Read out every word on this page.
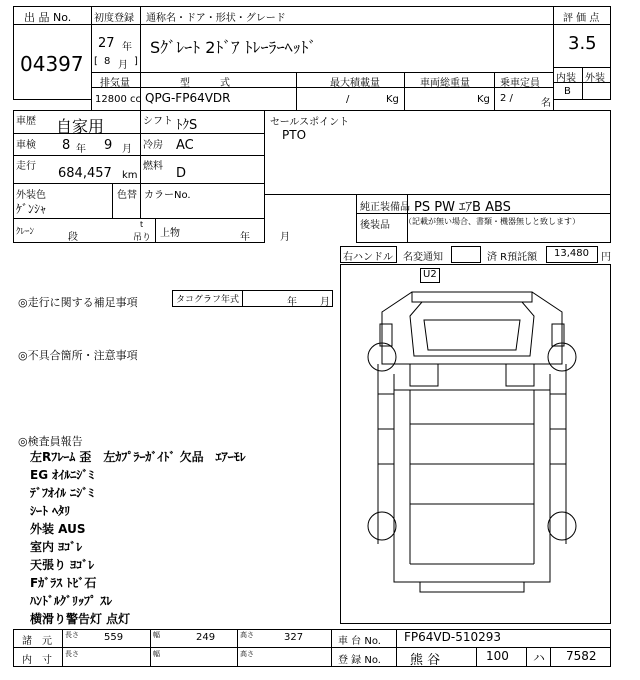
出 品 No.
04397
初度登録 通称名・ドア・形状・グレード
27 年
[ 8 月 ]
Sｸﾞﾚｰﾄ 2ﾄﾞｱ ﾄﾚｰﾗｰﾍｯﾄﾞ
評 価 点
3.5
内装 外装
B
排気量	型　　　式	最大積載量	車両総重量	乗車定員
12800 cc QPG-FP64VDR	/	Kg	Kg 2 /	名
車歴 自家用	シフト ﾄｸS
車検 8 年 9 月 冷房 AC
走行 684,457 km
燃料 D
外装色
ｹﾞﾝｼｬ
色替 カラーNo.
ｸﾚｰﾝ	段
t
吊り 上物	年	月
セールスポイント
PTO
純正装備品 PS PW ｴｱB ABS
後装品 （記載が無い場合、書類・機器無しと致します）
右ハンドル 名変通知	済 R預託額 13,480 円
◎走行に関する補足事項	タコグラフ年式	年 月
◎不具合箇所・注意事項
◎検査員報告
左Rﾌﾚｰﾑ 歪　左ｶﾌﾟﾗｰｶﾞｲﾄﾞ 欠品　ｴｱｰﾓﾚ
EG ｵｲﾙﾆｼﾞﾐ
ﾃﾞﾌｵｲﾙ ﾆｼﾞﾐ
ｼｰﾄ ﾍﾀﾘ
外装 AUS
室内 ﾖｺﾞﾚ
天張り ﾖｺﾞﾚ
Fｶﾞﾗｽ ﾄﾋﾞ石
ﾊﾝﾄﾞﾙｸﾞﾘｯﾌﾟ ｽﾚ
横滑り警告灯 点灯
U2
諸　元
長さ	559	幅	249	高さ	327	車 台 No. FP64VD-510293
内　寸
長さ	幅	高さ
登 録 No. 熊 谷	100 ハ 7582
